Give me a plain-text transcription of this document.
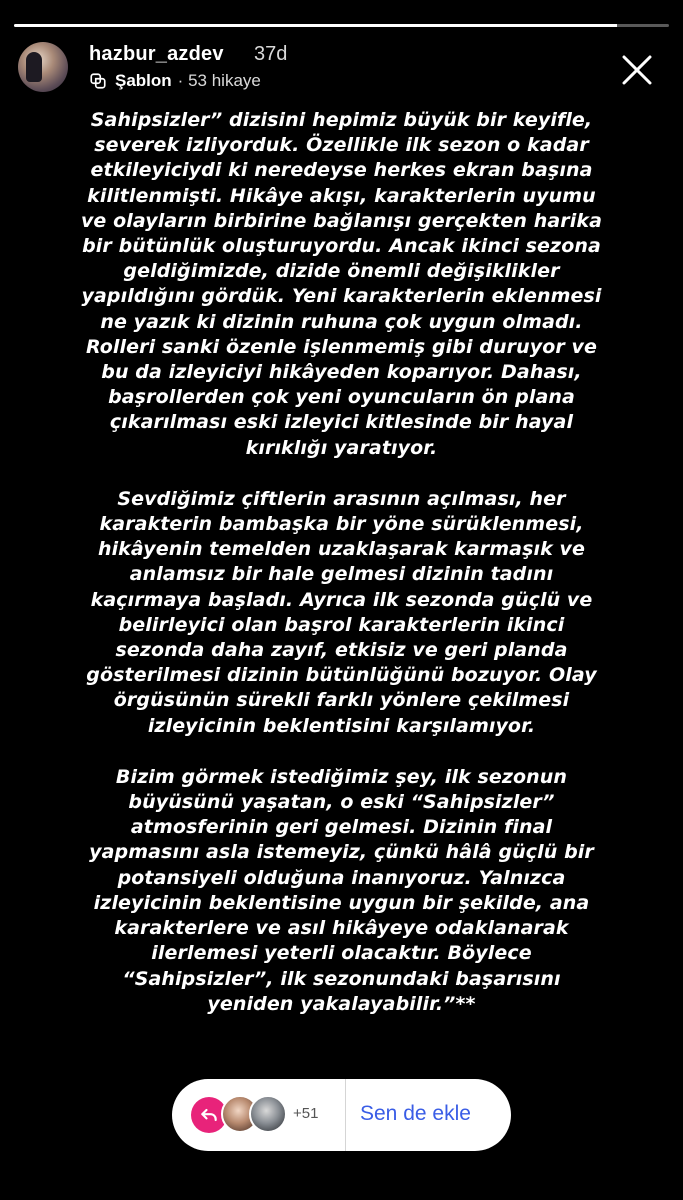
hazbur_azdev 37d
Şablon · 53 hikaye

Sahipsizler” dizisini hepimiz büyük bir keyifle,
severek izliyorduk. Özellikle ilk sezon o kadar
etkileyiciydi ki neredeyse herkes ekran başına
kilitlenmişti. Hikâye akışı, karakterlerin uyumu
ve olayların birbirine bağlanışı gerçekten harika
bir bütünlük oluşturuyordu. Ancak ikinci sezona
geldiğimizde, dizide önemli değişiklikler
yapıldığını gördük. Yeni karakterlerin eklenmesi
ne yazık ki dizinin ruhuna çok uygun olmadı.
Rolleri sanki özenle işlenmemiş gibi duruyor ve
bu da izleyiciyi hikâyeden koparıyor. Dahası,
başrollerden çok yeni oyuncuların ön plana
çıkarılması eski izleyici kitlesinde bir hayal
kırıklığı yaratıyor.

Sevdiğimiz çiftlerin arasının açılması, her
karakterin bambaşka bir yöne sürüklenmesi,
hikâyenin temelden uzaklaşarak karmaşık ve
anlamsız bir hale gelmesi dizinin tadını
kaçırmaya başladı. Ayrıca ilk sezonda güçlü ve
belirleyici olan başrol karakterlerin ikinci
sezonda daha zayıf, etkisiz ve geri planda
gösterilmesi dizinin bütünlüğünü bozuyor. Olay
örgüsünün sürekli farklı yönlere çekilmesi
izleyicinin beklentisini karşılamıyor.

Bizim görmek istediğimiz şey, ilk sezonun
büyüsünü yaşatan, o eski “Sahipsizler”
atmosferinin geri gelmesi. Dizinin final
yapmasını asla istemeyiz, çünkü hâlâ güçlü bir
potansiyeli olduğuna inanıyoruz. Yalnızca
izleyicinin beklentisine uygun bir şekilde, ana
karakterlere ve asıl hikâyeye odaklanarak
ilerlemesi yeterli olacaktır. Böylece
“Sahipsizler”, ilk sezonundaki başarısını
yeniden yakalayabilir.”**

+51 Sen de ekle
